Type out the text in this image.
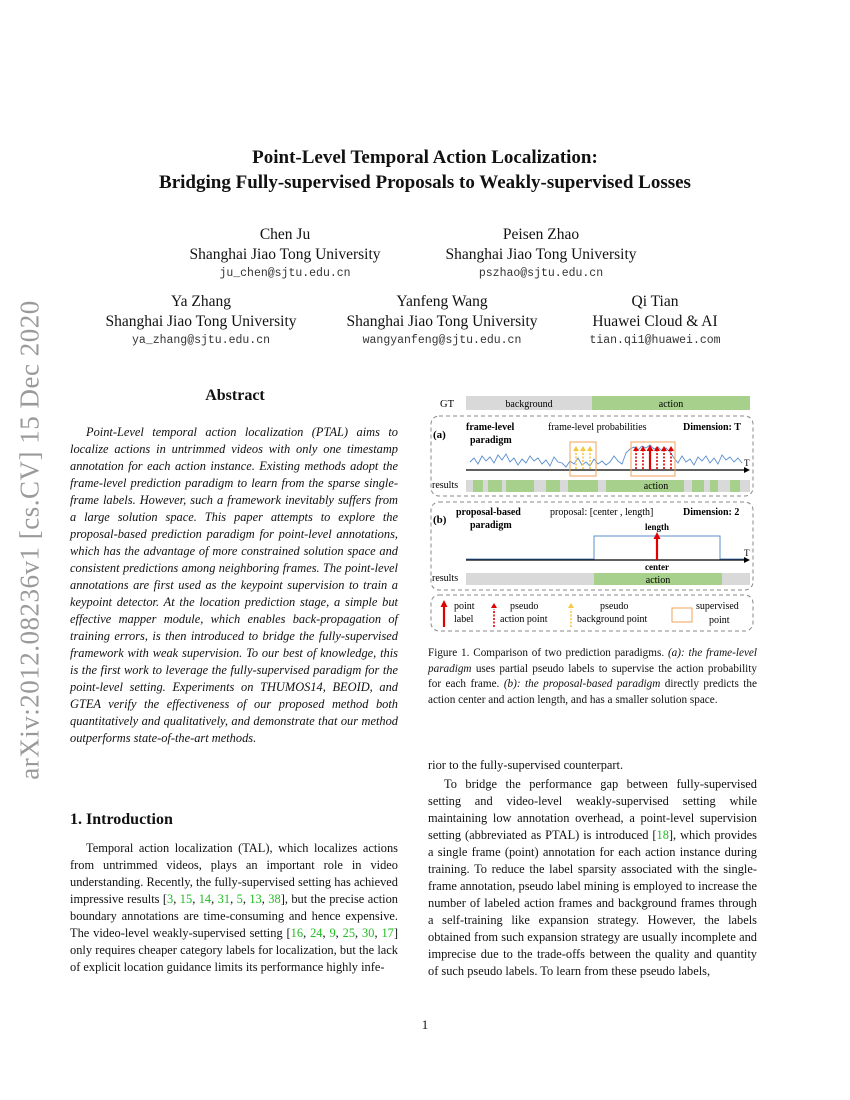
Point-Level Temporal Action Localization:
Bridging Fully-supervised Proposals to Weakly-supervised Losses
Chen Ju
Shanghai Jiao Tong University
ju_chen@sjtu.edu.cn
Peisen Zhao
Shanghai Jiao Tong University
pszhao@sjtu.edu.cn
Ya Zhang
Shanghai Jiao Tong University
ya_zhang@sjtu.edu.cn
Yanfeng Wang
Shanghai Jiao Tong University
wangyanfeng@sjtu.edu.cn
Qi Tian
Huawei Cloud & AI
tian.qi1@huawei.com
arXiv:2012.08236v1 [cs.CV] 15 Dec 2020	Abstract

Point-Level temporal action localization (PTAL) aims to localize actions in untrimmed videos with only one timestamp annotation for each action instance. Existing methods adopt the frame-level prediction paradigm to learn from the sparse single-frame labels. However, such a framework inevitably suffers from a large solution space. This paper attempts to explore the proposal-based prediction paradigm for point-level annotations, which has the advantage of more constrained solution space and consistent predictions among neighboring frames. The point-level annotations are first used as the keypoint supervision to train a keypoint detector. At the location prediction stage, a simple but effective mapper module, which enables back-propagation of training errors, is then introduced to bridge the fully-supervised framework with weak supervision. To our best of knowledge, this is the first work to leverage the fully-supervised paradigm for the point-level setting. Experiments on THUMOS14, BEOID, and GTEA verify the effectiveness of our proposed method both quantitatively and qualitatively, and demonstrate that our method outperforms state-of-the-art methods.

1. Introduction

Temporal action localization (TAL), which localizes actions from untrimmed videos, plays an important role in video understanding. Recently, the fully-supervised setting has achieved impressive results [3, 15, 14, 31, 5, 13, 38], but the precise action boundary annotations are time-consuming and hence expensive. The video-level weakly-supervised setting [16, 24, 9, 25, 30, 17] only requires cheaper category labels for localization, but the lack of explicit location guidance limits its performance highly infe-

rior to the fully-supervised counterpart.

To bridge the performance gap between fully-supervised setting and video-level weakly-supervised setting while maintaining low annotation overhead, a point-level supervision setting (abbreviated as PTAL) is introduced [18], which provides a single frame (point) annotation for each action instance during training. To reduce the label sparsity associated with the single-frame annotation, pseudo label mining is employed to increase the number of labeled action frames and background frames through a self-training like expansion strategy. However, the labels obtained from such expansion strategy are usually incomplete and imprecise due to the trade-offs between the quality and quantity of such pseudo labels. To learn from these pseudo labels,

GT	background	action
(a)
frame-level
paradigm
frame-level probabilities	Dimension: T
T
results	action
(b)
proposal-based
paradigm
proposal: [center , length]	Dimension: 2
T
length
center
results	action
point
label
pseudo
action point
pseudo
background point
supervised
point

Figure 1. Comparison of two prediction paradigms. (a): the frame-level paradigm uses partial pseudo labels to supervise the action probability for each frame. (b): the proposal-based paradigm directly predicts the action center and action length, and has a smaller solution space.

1
